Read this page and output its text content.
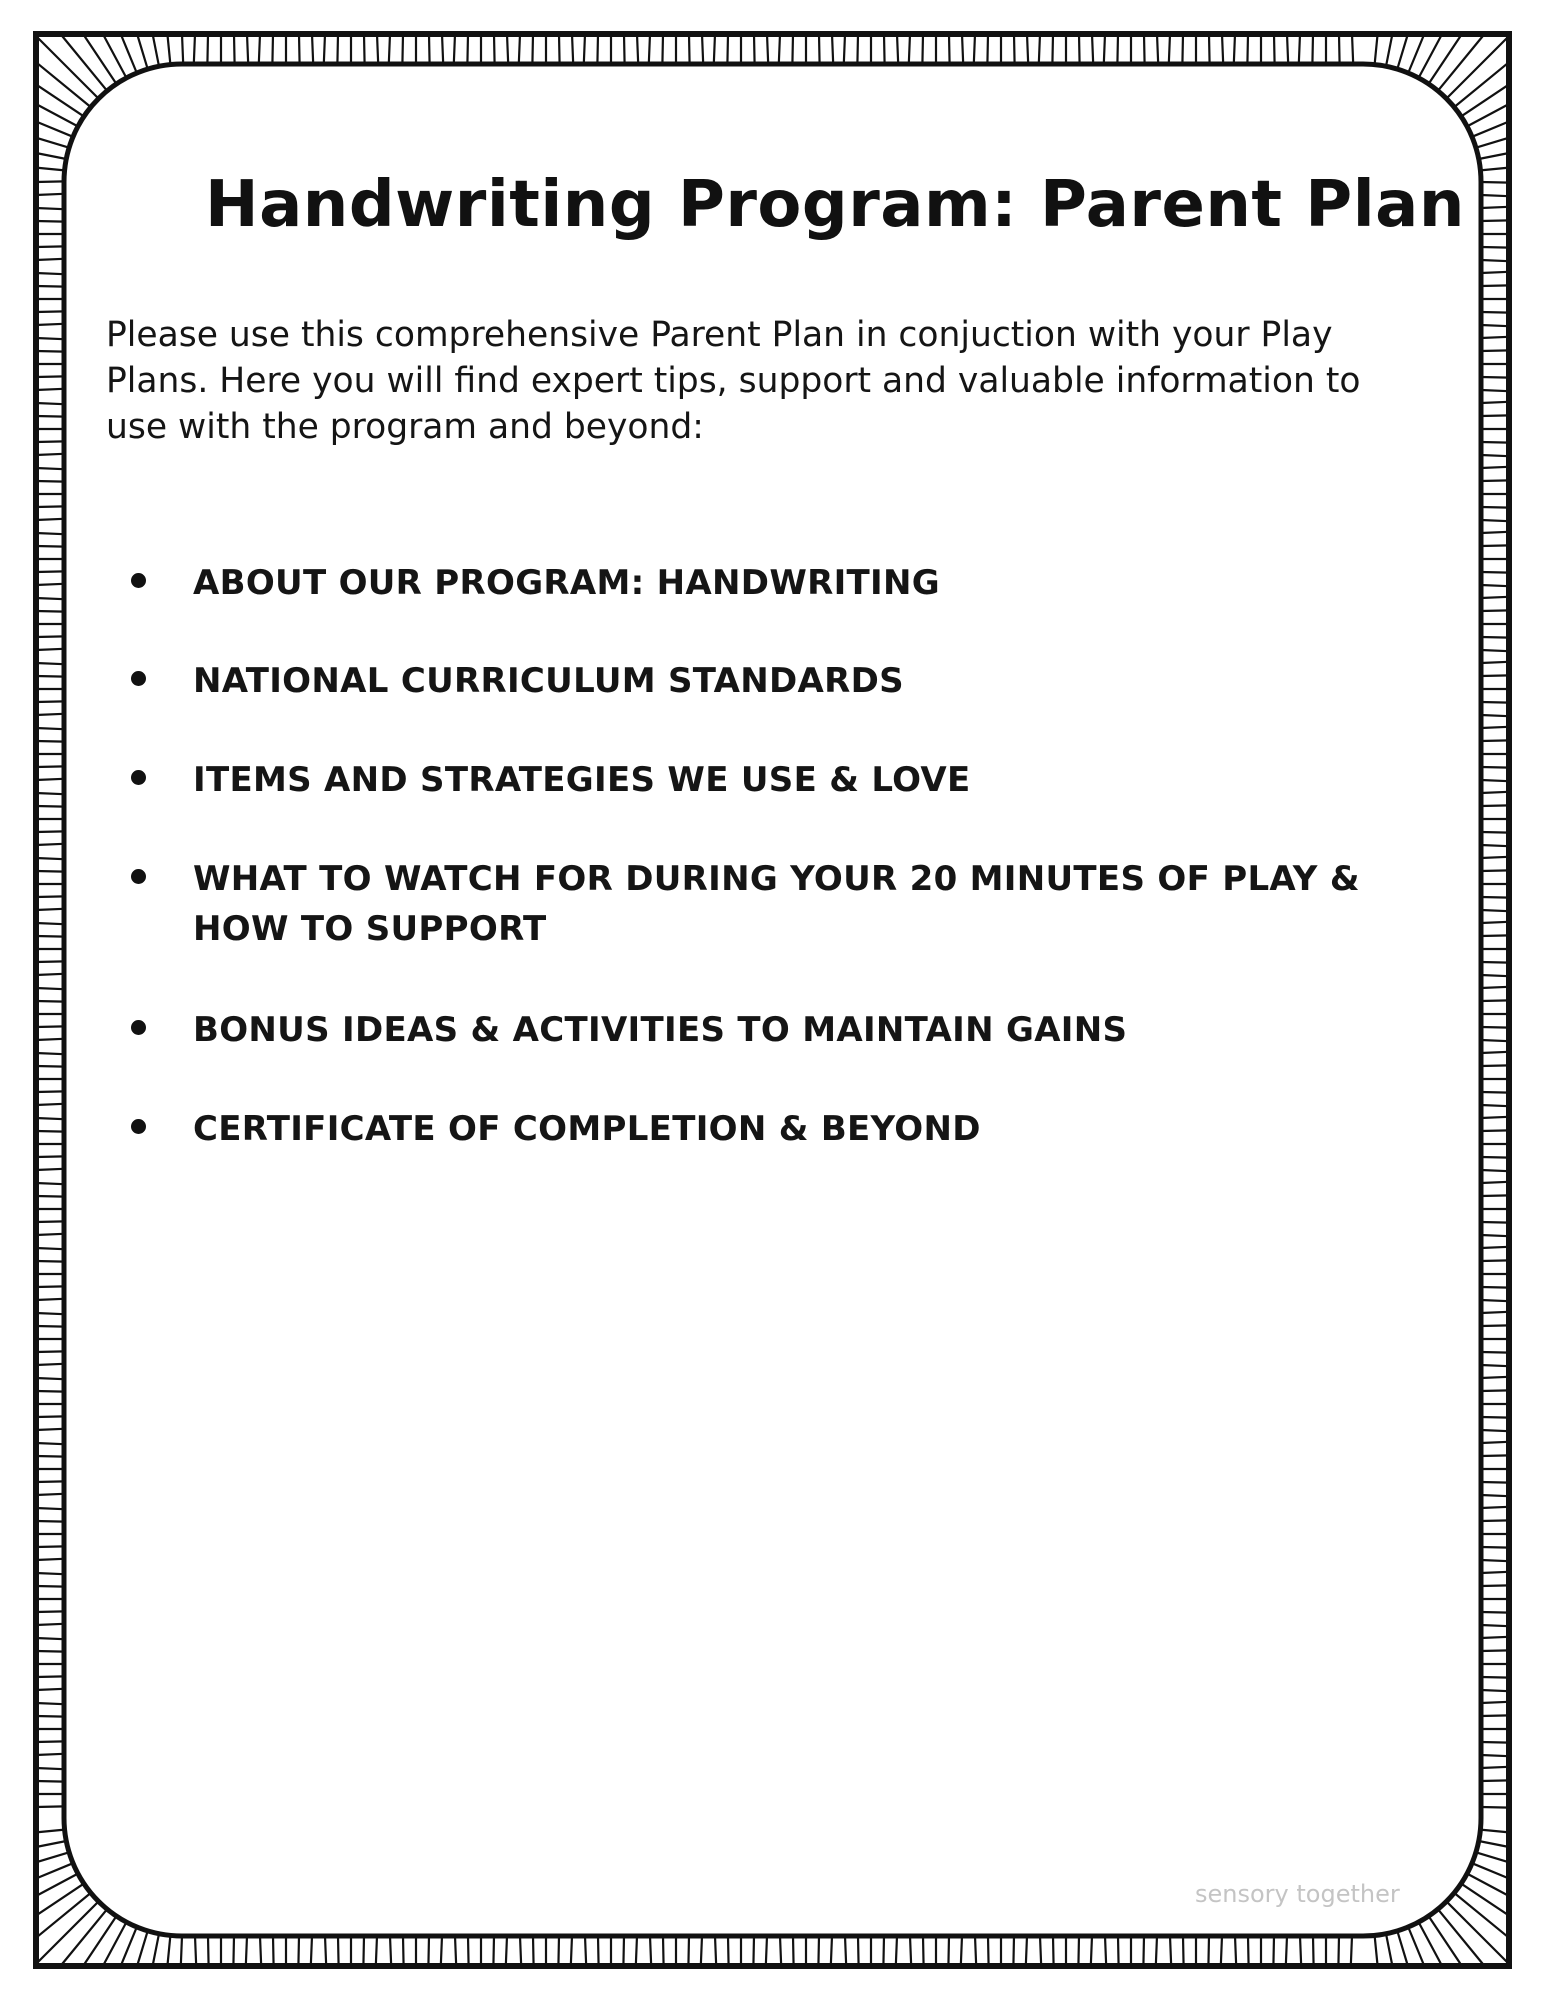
Handwriting Program: Parent Plan

Please use this comprehensive Parent Plan in conjuction with your Play Plans. Here you will find expert tips, support and valuable information to use with the program and beyond:

ABOUT OUR PROGRAM: HANDWRITING
NATIONAL CURRICULUM STANDARDS
ITEMS AND STRATEGIES WE USE & LOVE
WHAT TO WATCH FOR DURING YOUR 20 MINUTES OF PLAY & HOW TO SUPPORT
BONUS IDEAS & ACTIVITIES TO MAINTAIN GAINS
CERTIFICATE OF COMPLETION & BEYOND
sensory together
